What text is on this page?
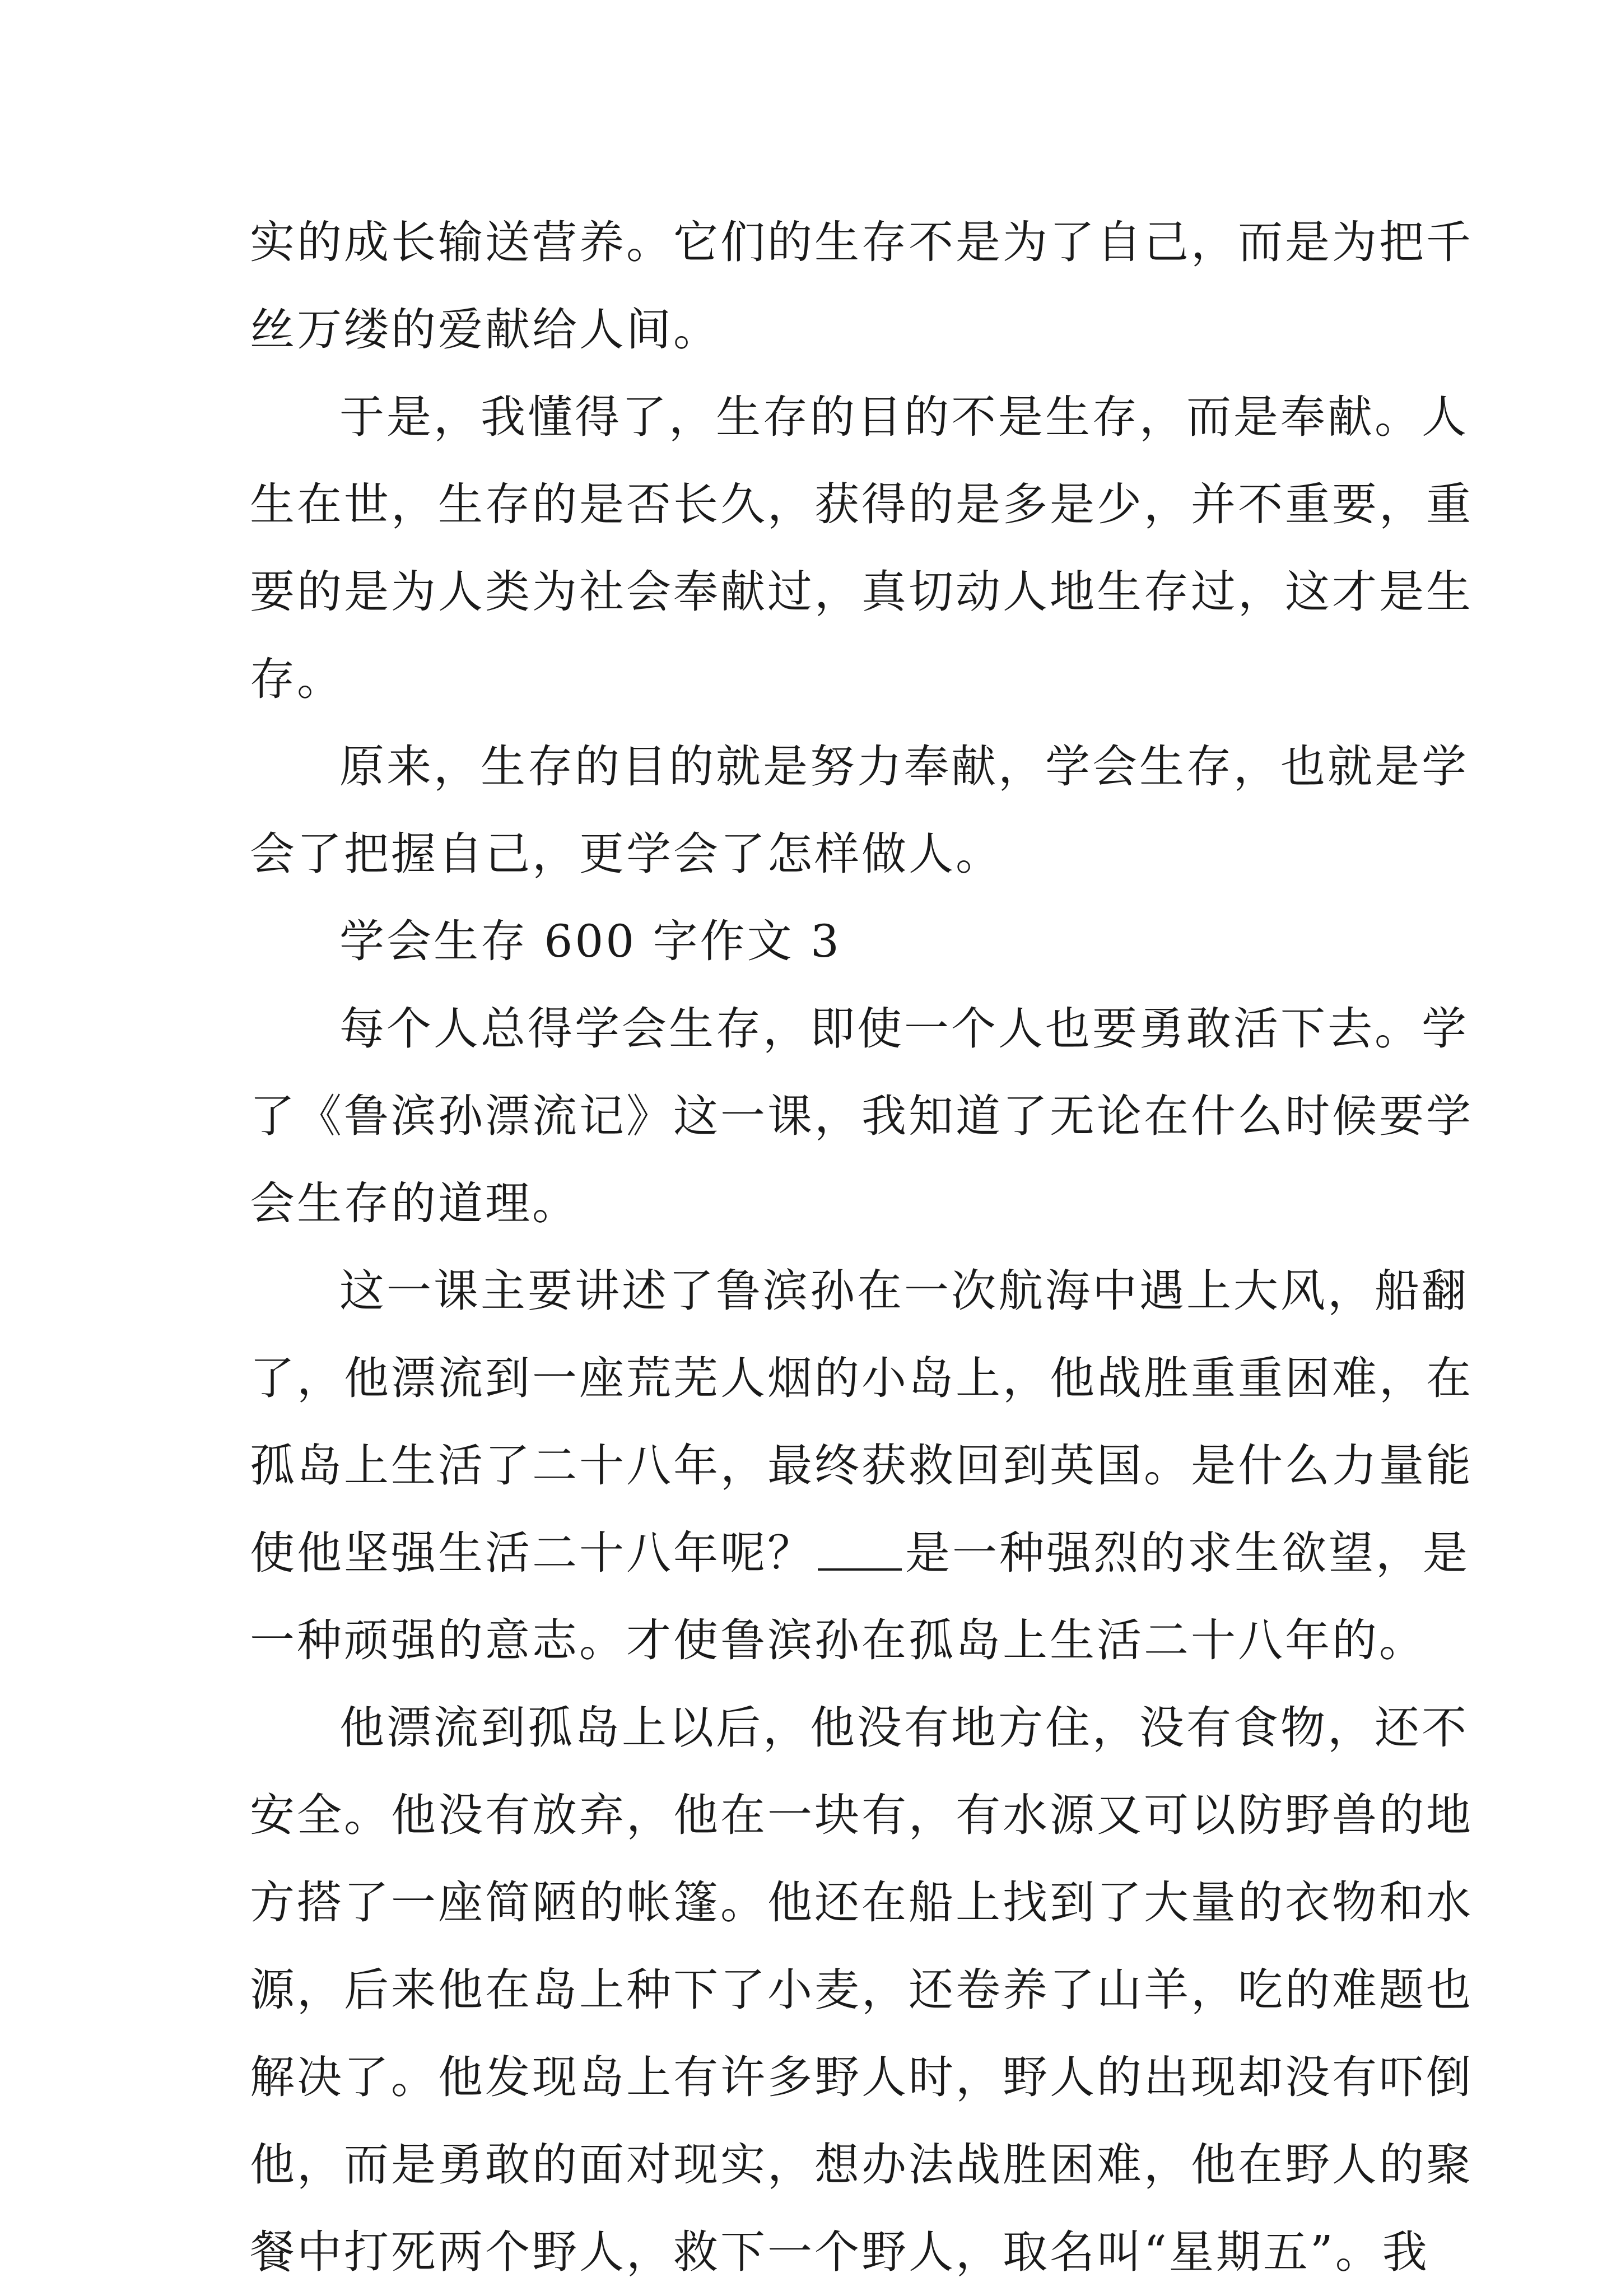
实的成长输送营养。它们的生存不是为了自己，而是为把千
丝万缕的爱献给人间。
于是，我懂得了，生存的目的不是生存，而是奉献。人
生在世，生存的是否长久，获得的是多是少，并不重要，重
要的是为人类为社会奉献过，真切动人地生存过，这才是生
存。
原来，生存的目的就是努力奉献，学会生存，也就是学
会了把握自己，更学会了怎样做人。
学会生存 600 字作文 3
每个人总得学会生存，即使一个人也要勇敢活下去。学
了《鲁滨孙漂流记》这一课，我知道了无论在什么时候要学
会生存的道理。
这一课主要讲述了鲁滨孙在一次航海中遇上大风，船翻
了，他漂流到一座荒芜人烟的小岛上，他战胜重重困难，在
孤岛上生活了二十八年，最终获救回到英国。是什么力量能
使他坚强生活二十八年呢？ 是一种强烈的求生欲望，是
一种顽强的意志。才使鲁滨孙在孤岛上生活二十八年的。
他漂流到孤岛上以后，他没有地方住，没有食物，还不
安全。他没有放弃，他在一块有，有水源又可以防野兽的地
方搭了一座简陋的帐篷。他还在船上找到了大量的衣物和水
源，后来他在岛上种下了小麦，还卷养了山羊，吃的难题也
解决了。他发现岛上有许多野人时，野人的出现却没有吓倒
他，而是勇敢的面对现实，想办法战胜困难，他在野人的聚
餐中打死两个野人，救下一个野人，取名叫“星期五”。我
